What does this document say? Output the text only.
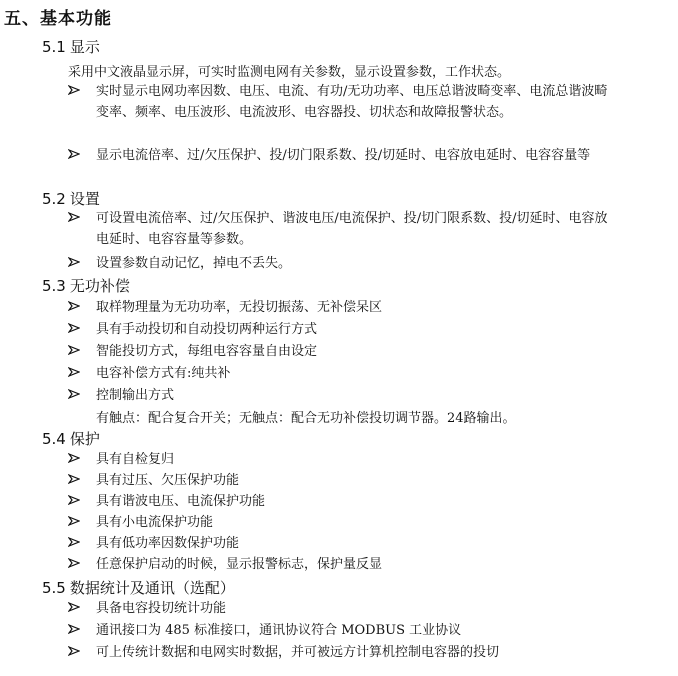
五、基本功能
5.1 显示
采用中文液晶显示屏，可实时监测电网有关参数，显示设置参数，工作状态。
实时显示电网功率因数、电压、电流、有功/无功功率、电压总谐波畸变率、电流总谐波畸变率、频率、电压波形、电流波形、电容器投、切状态和故障报警状态。
显示电流倍率、过/欠压保护、投/切门限系数、投/切延时、电容放电延时、电容容量等
5.2 设置
可设置电流倍率、过/欠压保护、谐波电压/电流保护、投/切门限系数、投/切延时、电容放电延时、电容容量等参数。
设置参数自动记忆，掉电不丢失。
5.3 无功补偿
取样物理量为无功功率，无投切振荡、无补偿呆区
具有手动投切和自动投切两种运行方式
智能投切方式，每组电容容量自由设定
电容补偿方式有:纯共补
控制输出方式
有触点：配合复合开关；无触点：配合无功补偿投切调节器。24路输出。
5.4 保护
具有自检复归
具有过压、欠压保护功能
具有谐波电压、电流保护功能
具有小电流保护功能
具有低功率因数保护功能
任意保护启动的时候，显示报警标志，保护量反显
5.5 数据统计及通讯（选配）
具备电容投切统计功能
通讯接口为 485 标准接口，通讯协议符合 MODBUS 工业协议
可上传统计数据和电网实时数据，并可被远方计算机控制电容器的投切
